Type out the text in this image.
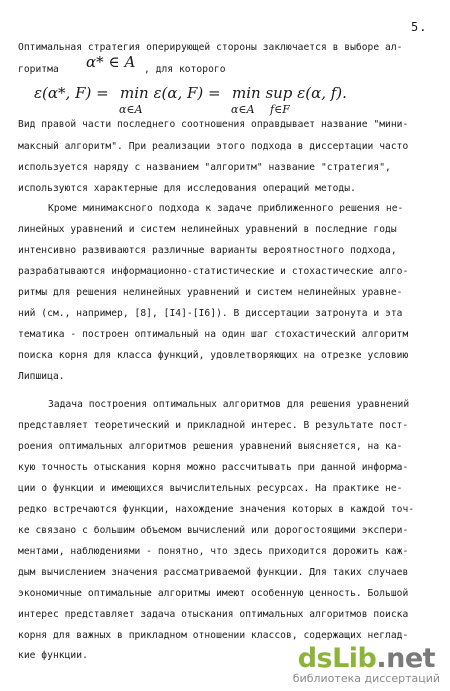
5.
Оптимальная стратегия оперирующей стороны заключается в выборе ал-
горитма α* ∈ A , для которого
ε(α*, F) = min ε(α, F) = min sup ε(α, f).
α∈A	α∈A f∈F
Вид правой части последнего соотношения оправдывает название "мини-
максный алгоритм". При реализации этого подхода в диссертации часто
используется наряду с названием "алгоритм" название "стратегия",
используются характерные для исследования операций методы.
Кроме минимаксного подхода к задаче приближенного решения не-
линейных уравнений и систем нелинейных уравнений в последние годы
интенсивно развиваются различные варианты вероятностного подхода,
разрабатываются информационно-статистические и стохастические алго-
ритмы для решения нелинейных уравнений и систем нелинейных уравне-
ний (см., например, [8], [I4]-[I6]). В диссертации затронута и эта
тематика - построен оптимальный на один шаг стохастический алгоритм
поиска корня для класса функций, удовлетворяющих на отрезке условию
Липшица.
Задача построения оптимальных алгоритмов для решения уравнений
представляет теоретический и прикладной интерес. В результате пост-
роения оптимальных алгоритмов решения уравнений выясняется, на ка-
кую точность отыскания корня можно рассчитывать при данной информа-
ции о функции и имеющихся вычислительных ресурсах. На практике не-
редко встречаются функции, нахождение значения которых в каждой точ-
ке связано с большим объемом вычислений или дорогостоящими экспери-
ментами, наблюдениями - понятно, что здесь приходится дорожить каж-
дым вычислением значения рассматриваемой функции. Для таких случаев
экономичные оптимальные алгоритмы имеют особенную ценность. Большой
интерес представляет задача отыскания оптимальных алгоритмов поиска
корня для важных в прикладном отношении классов, содержащих неглад-
кие функции.	dsLib.net
библиотека диссертаций
